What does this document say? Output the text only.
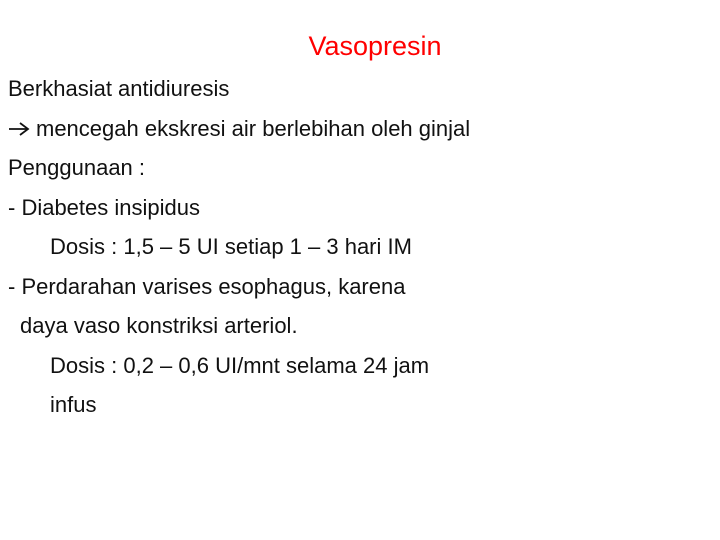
Vasopresin
Berkhasiat antidiuresis
mencegah ekskresi air berlebihan oleh ginjal
Penggunaan :
- Diabetes insipidus
Dosis : 1,5 – 5 UI setiap 1 – 3 hari IM
- Perdarahan varises esophagus, karena
daya vaso konstriksi arteriol.
Dosis : 0,2 – 0,6 UI/mnt selama 24 jam
infus
